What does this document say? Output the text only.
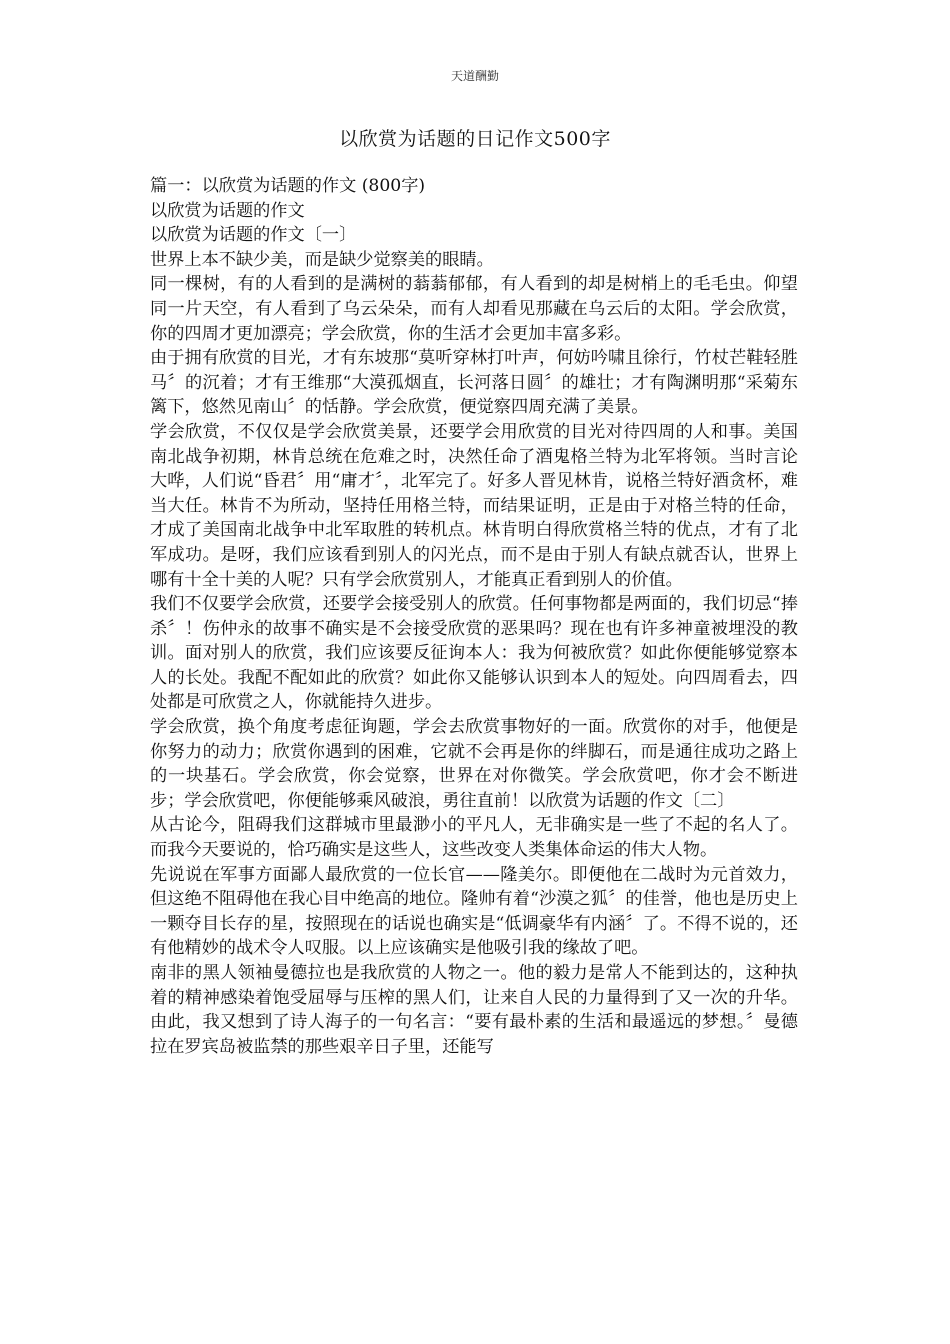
天道酬勤
以欣赏为话题的日记作文500字

篇一：以欣赏为话题的作文 (800字)

以欣赏为话题的作文

以欣赏为话题的作文〔一〕

世界上本不缺少美，而是缺少觉察美的眼睛。

同一棵树，有的人看到的是满树的蓊蓊郁郁，有人看到的却是树梢上的毛毛虫。仰望同一片天空，有人看到了乌云朵朵，而有人却看见那藏在乌云后的太阳。学会欣赏，你的四周才更加漂亮；学会欣赏，你的生活才会更加丰富多彩。

由于拥有欣赏的目光，才有东坡那“莫听穿林打叶声，何妨吟啸且徐行，竹杖芒鞋轻胜马〞的沉着；才有王维那“大漠孤烟直，长河落日圆〞的雄壮；才有陶渊明那“采菊东篱下，悠然见南山〞的恬静。学会欣赏，便觉察四周充满了美景。

学会欣赏，不仅仅是学会欣赏美景，还要学会用欣赏的目光对待四周的人和事。美国南北战争初期，林肯总统在危难之时，决然任命了酒鬼格兰特为北军将领。当时言论大哗，人们说“昏君〞用“庸才〞，北军完了。好多人晋见林肯，说格兰特好酒贪杯，难当大任。林肯不为所动，坚持任用格兰特，而结果证明，正是由于对格兰特的任命，才成了美国南北战争中北军取胜的转机点。林肯明白得欣赏格兰特的优点，才有了北军成功。是呀，我们应该看到别人的闪光点，而不是由于别人有缺点就否认，世界上哪有十全十美的人呢？只有学会欣赏别人，才能真正看到别人的价值。

我们不仅要学会欣赏，还要学会接受别人的欣赏。任何事物都是两面的，我们切忌“捧杀〞！伤仲永的故事不确实是不会接受欣赏的恶果吗？现在也有许多神童被埋没的教训。面对别人的欣赏，我们应该要反征询本人：我为何被欣赏？如此你便能够觉察本人的长处。我配不配如此的欣赏？如此你又能够认识到本人的短处。向四周看去，四处都是可欣赏之人，你就能持久进步。

学会欣赏，换个角度考虑征询题，学会去欣赏事物好的一面。欣赏你的对手，他便是你努力的动力；欣赏你遇到的困难，它就不会再是你的绊脚石，而是通往成功之路上的一块基石。学会欣赏，你会觉察，世界在对你微笑。学会欣赏吧，你才会不断进步；学会欣赏吧，你便能够乘风破浪，勇往直前！以欣赏为话题的作文〔二〕

从古论今，阻碍我们这群城市里最渺小的平凡人，无非确实是一些了不起的名人了。而我今天要说的，恰巧确实是这些人，这些改变人类集体命运的伟大人物。

先说说在军事方面鄙人最欣赏的一位长官——隆美尔。即便他在二战时为元首效力，但这绝不阻碍他在我心目中绝高的地位。隆帅有着“沙漠之狐〞的佳誉，他也是历史上一颗夺目长存的星，按照现在的话说也确实是“低调豪华有内涵〞了。不得不说的，还有他精妙的战术令人叹服。以上应该确实是他吸引我的缘故了吧。

南非的黑人领袖曼德拉也是我欣赏的人物之一。他的毅力是常人不能到达的，这种执着的精神感染着饱受屈辱与压榨的黑人们，让来自人民的力量得到了又一次的升华。由此，我又想到了诗人海子的一句名言：“要有最朴素的生活和最遥远的梦想。〞曼德拉在罗宾岛被监禁的那些艰辛日子里，还能写
